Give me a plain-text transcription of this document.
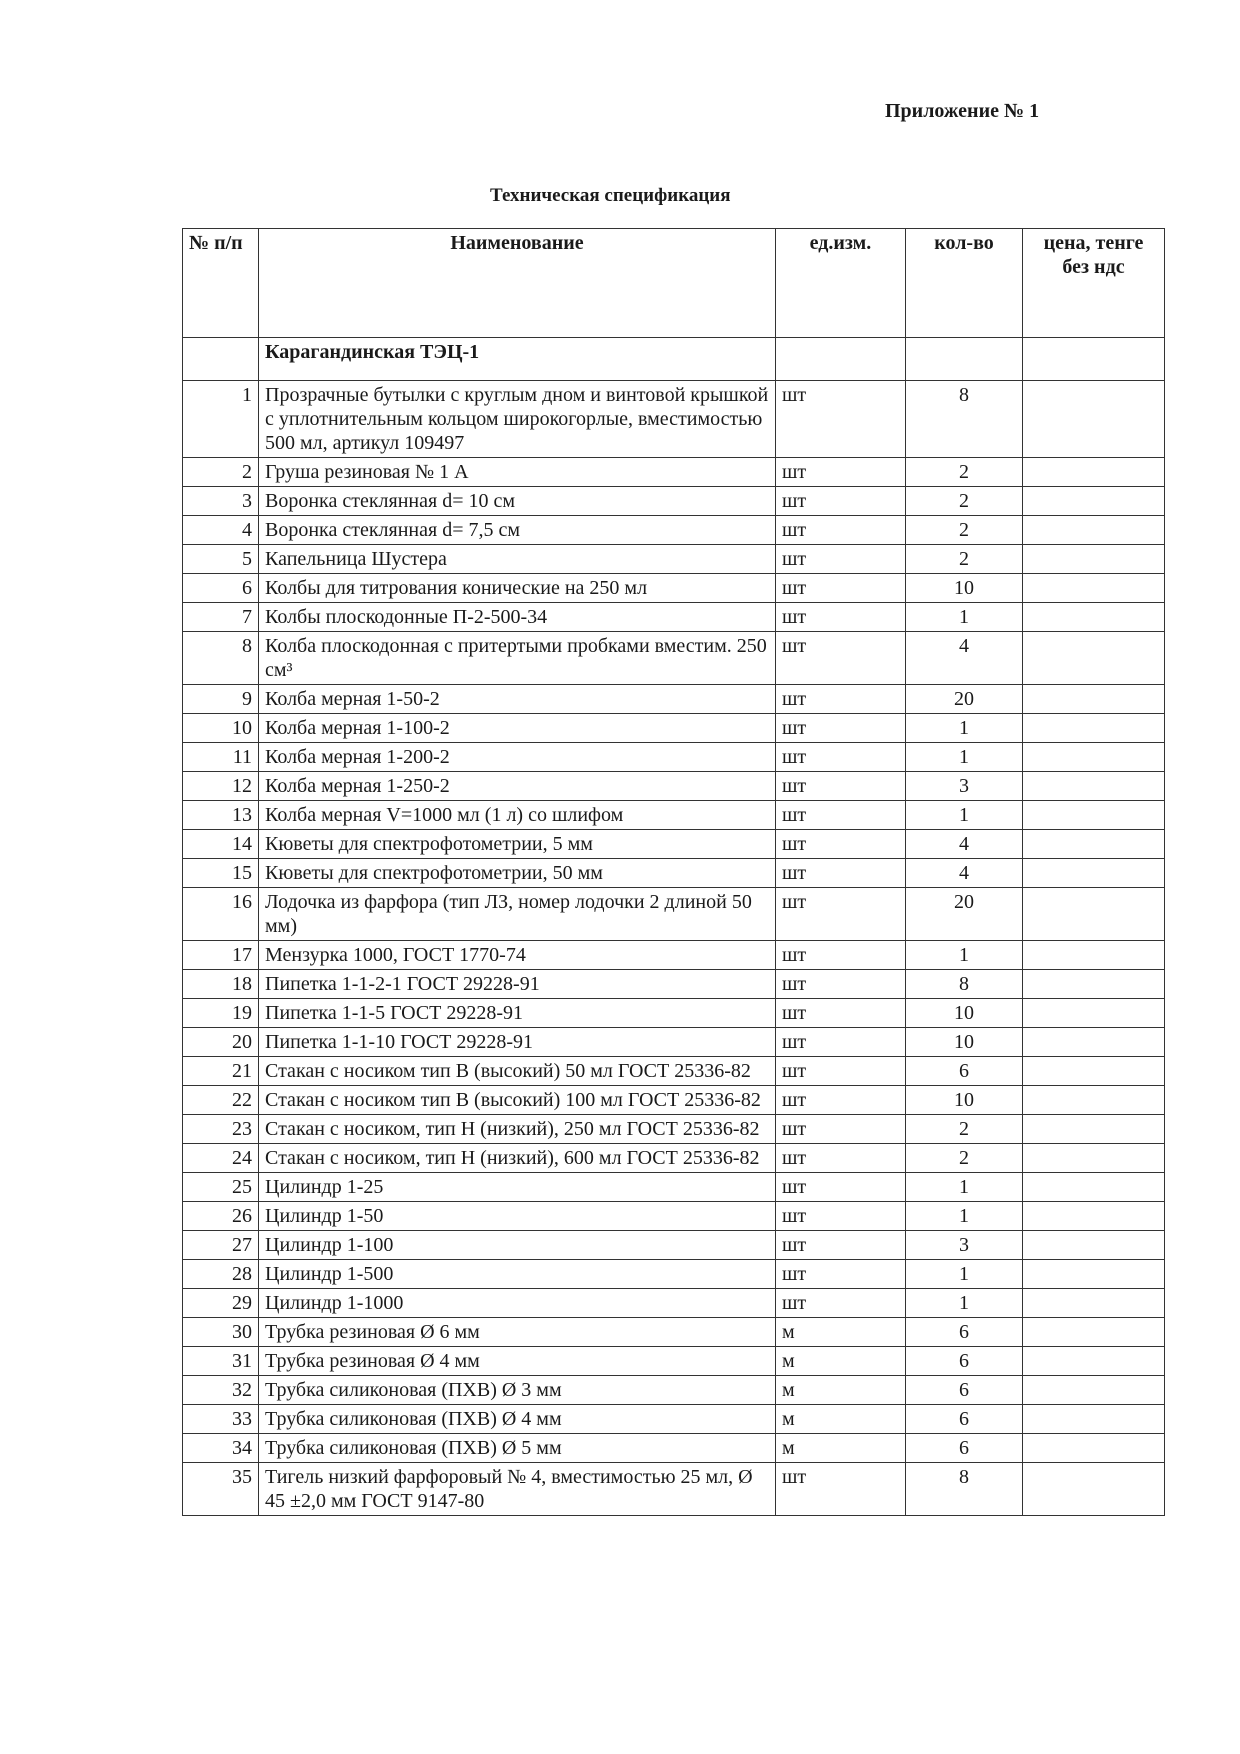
Приложение № 1
Техническая спецификация
№ п/п	Наименование	ед.изм.	кол-во	цена, тенге без ндс
	Карагандинская ТЭЦ-1			
1	Прозрачные бутылки с круглым дном и винтовой крышкой с уплотнительным кольцом широкогорлые, вместимостью 500 мл, артикул 109497	шт	8	
2	Груша резиновая № 1 А	шт	2	
3	Воронка стеклянная d= 10 см	шт	2	
4	Воронка стеклянная d= 7,5 см	шт	2	
5	Капельница Шустера	шт	2	
6	Колбы для титрования конические на 250 мл	шт	10	
7	Колбы плоскодонные П-2-500-34	шт	1	
8	Колба плоскодонная с притертыми пробками вместим. 250 см³	шт	4	
9	Колба мерная 1-50-2	шт	20	
10	Колба мерная 1-100-2	шт	1	
11	Колба мерная 1-200-2	шт	1	
12	Колба мерная 1-250-2	шт	3	
13	Колба мерная V=1000 мл (1 л) со шлифом	шт	1	
14	Кюветы для спектрофотометрии, 5 мм	шт	4	
15	Кюветы для спектрофотометрии, 50 мм	шт	4	
16	Лодочка из фарфора (тип ЛЗ, номер лодочки 2 длиной 50 мм)	шт	20	
17	Мензурка 1000, ГОСТ 1770-74	шт	1	
18	Пипетка 1-1-2-1 ГОСТ 29228-91	шт	8	
19	Пипетка 1-1-5 ГОСТ 29228-91	шт	10	
20	Пипетка 1-1-10 ГОСТ 29228-91	шт	10	
21	Стакан с носиком тип В (высокий) 50 мл ГОСТ 25336-82	шт	6	
22	Стакан с носиком тип В (высокий) 100 мл ГОСТ 25336-82	шт	10	
23	Стакан с носиком, тип Н (низкий), 250 мл ГОСТ 25336-82	шт	2	
24	Стакан с носиком, тип Н (низкий), 600 мл ГОСТ 25336-82	шт	2	
25	Цилиндр 1-25	шт	1	
26	Цилиндр 1-50	шт	1	
27	Цилиндр 1-100	шт	3	
28	Цилиндр 1-500	шт	1	
29	Цилиндр 1-1000	шт	1	
30	Трубка резиновая Ø 6 мм	м	6	
31	Трубка резиновая Ø 4 мм	м	6	
32	Трубка силиконовая (ПХВ) Ø 3 мм	м	6	
33	Трубка силиконовая (ПХВ) Ø 4 мм	м	6	
34	Трубка силиконовая (ПХВ) Ø 5 мм	м	6	
35	Тигель низкий фарфоровый № 4, вместимостью 25 мл, Ø 45 ±2,0 мм ГОСТ 9147-80	шт	8	
